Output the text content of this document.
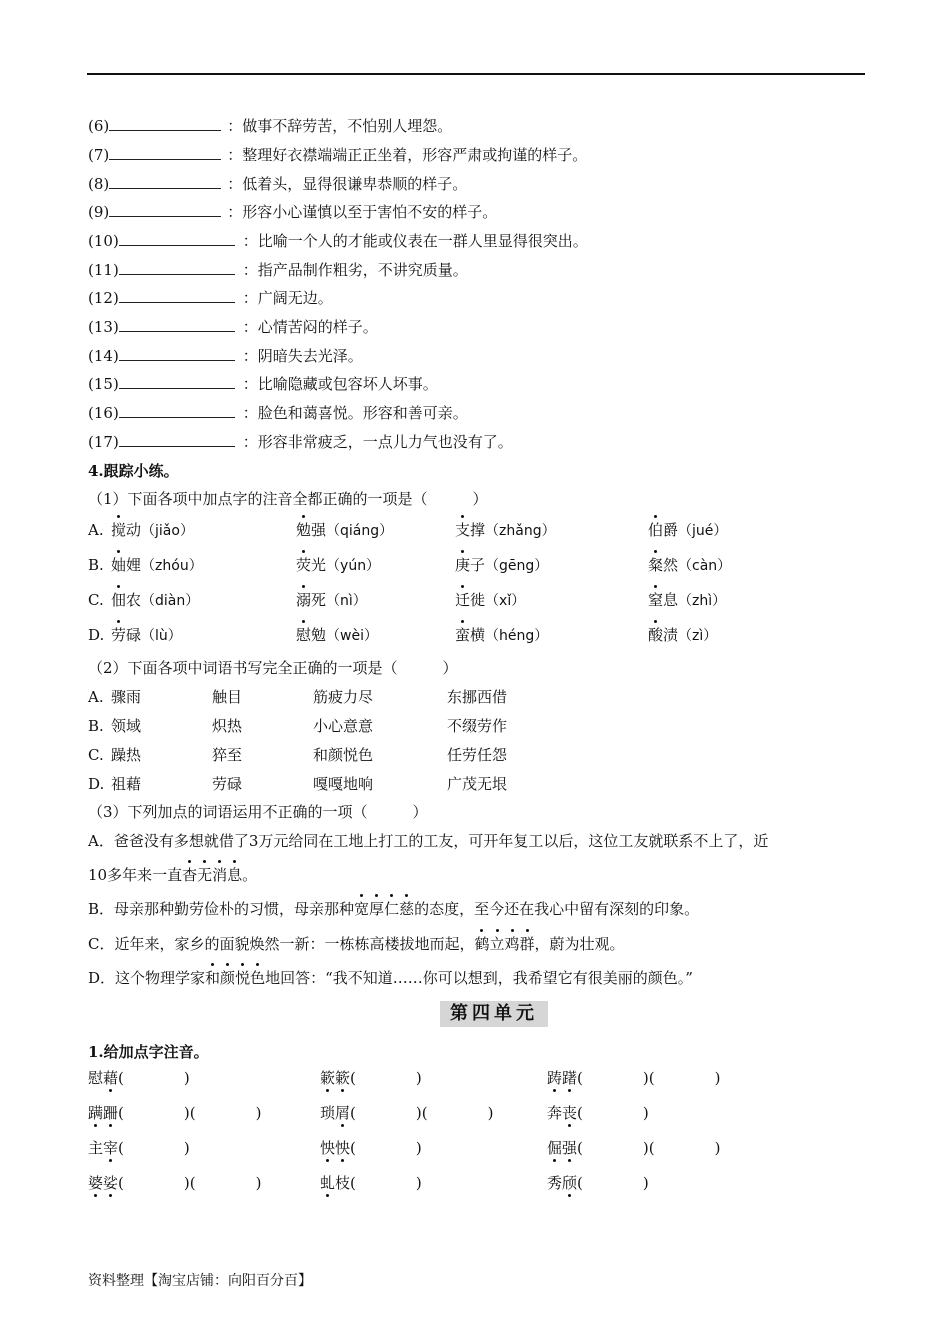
(6)	：做事不辞劳苦，不怕别人埋怨。
(7)	：整理好衣襟端端正正坐着，形容严肃或拘谨的样子。
(8)	：低着头，显得很谦卑恭顺的样子。
(9)	：形容小心谨慎以至于害怕不安的样子。
(10)	：比喻一个人的才能或仪表在一群人里显得很突出。
(11)	：指产品制作粗劣，不讲究质量。
(12)	：广阔无边。
(13)	：心情苦闷的样子。
(14)	：阴暗失去光泽。
(15)	：比喻隐藏或包容坏人坏事。
(16)	：脸色和蔼喜悦。形容和善可亲。
(17)	：形容非常疲乏，一点儿力气也没有了。
4.跟踪小练。
（1）下面各项中加点字的注音全都正确的一项是（　　　）
A. 搅动（jiǎo）	勉强（qiáng）	支撑（zhǎng）	伯爵（jué）
B. 妯娌（zhóu）	荧光（yún）	庚子（gēng）	粲然（càn）
C. 佃农（diàn）	溺死（nì）	迁徙（xǐ）	窒息（zhì）
D. 劳碌（lù）	慰勉（wèi）	蛮横（héng）	酸渍（zì）
（2）下面各项中词语书写完全正确的一项是（　　　）
A. 骤雨	触目	筋疲力尽	东挪西借
B. 领域	炽热	小心意意	不缀劳作
C. 躁热	猝至	和颜悦色	任劳任怨
D. 祖藉	劳碌	嘎嘎地响	广茂无垠
（3）下列加点的词语运用不正确的一项（　　　）
A．爸爸没有多想就借了3万元给同在工地上打工的工友，可开年复工以后，这位工友就联系不上了，近
10多年来一直杳无消息。
B．母亲那种勤劳俭朴的习惯，母亲那种宽厚仁慈的态度，至今还在我心中留有深刻的印象。
C．近年来，家乡的面貌焕然一新：一栋栋高楼拔地而起，鹤立鸡群，蔚为壮观。
D．这个物理学家和颜悦色地回答：“我不知道……你可以想到，我希望它有很美丽的颜色。”
第四单元
1.给加点字注音。
慰藉(　　　　)	簌簌(　　　　)	踌躇(　　　　)(　　　　)
蹒跚(　　　　)(　　　　)	琐屑(　　　　)(　　　　)	奔丧(　　　　)
主宰(　　　　)	怏怏(　　　　)	倔强(　　　　)(　　　　)
婆娑(　　　　)(　　　　)	虬枝(　　　　)	秀颀(　　　　)
资料整理【淘宝店铺：向阳百分百】
